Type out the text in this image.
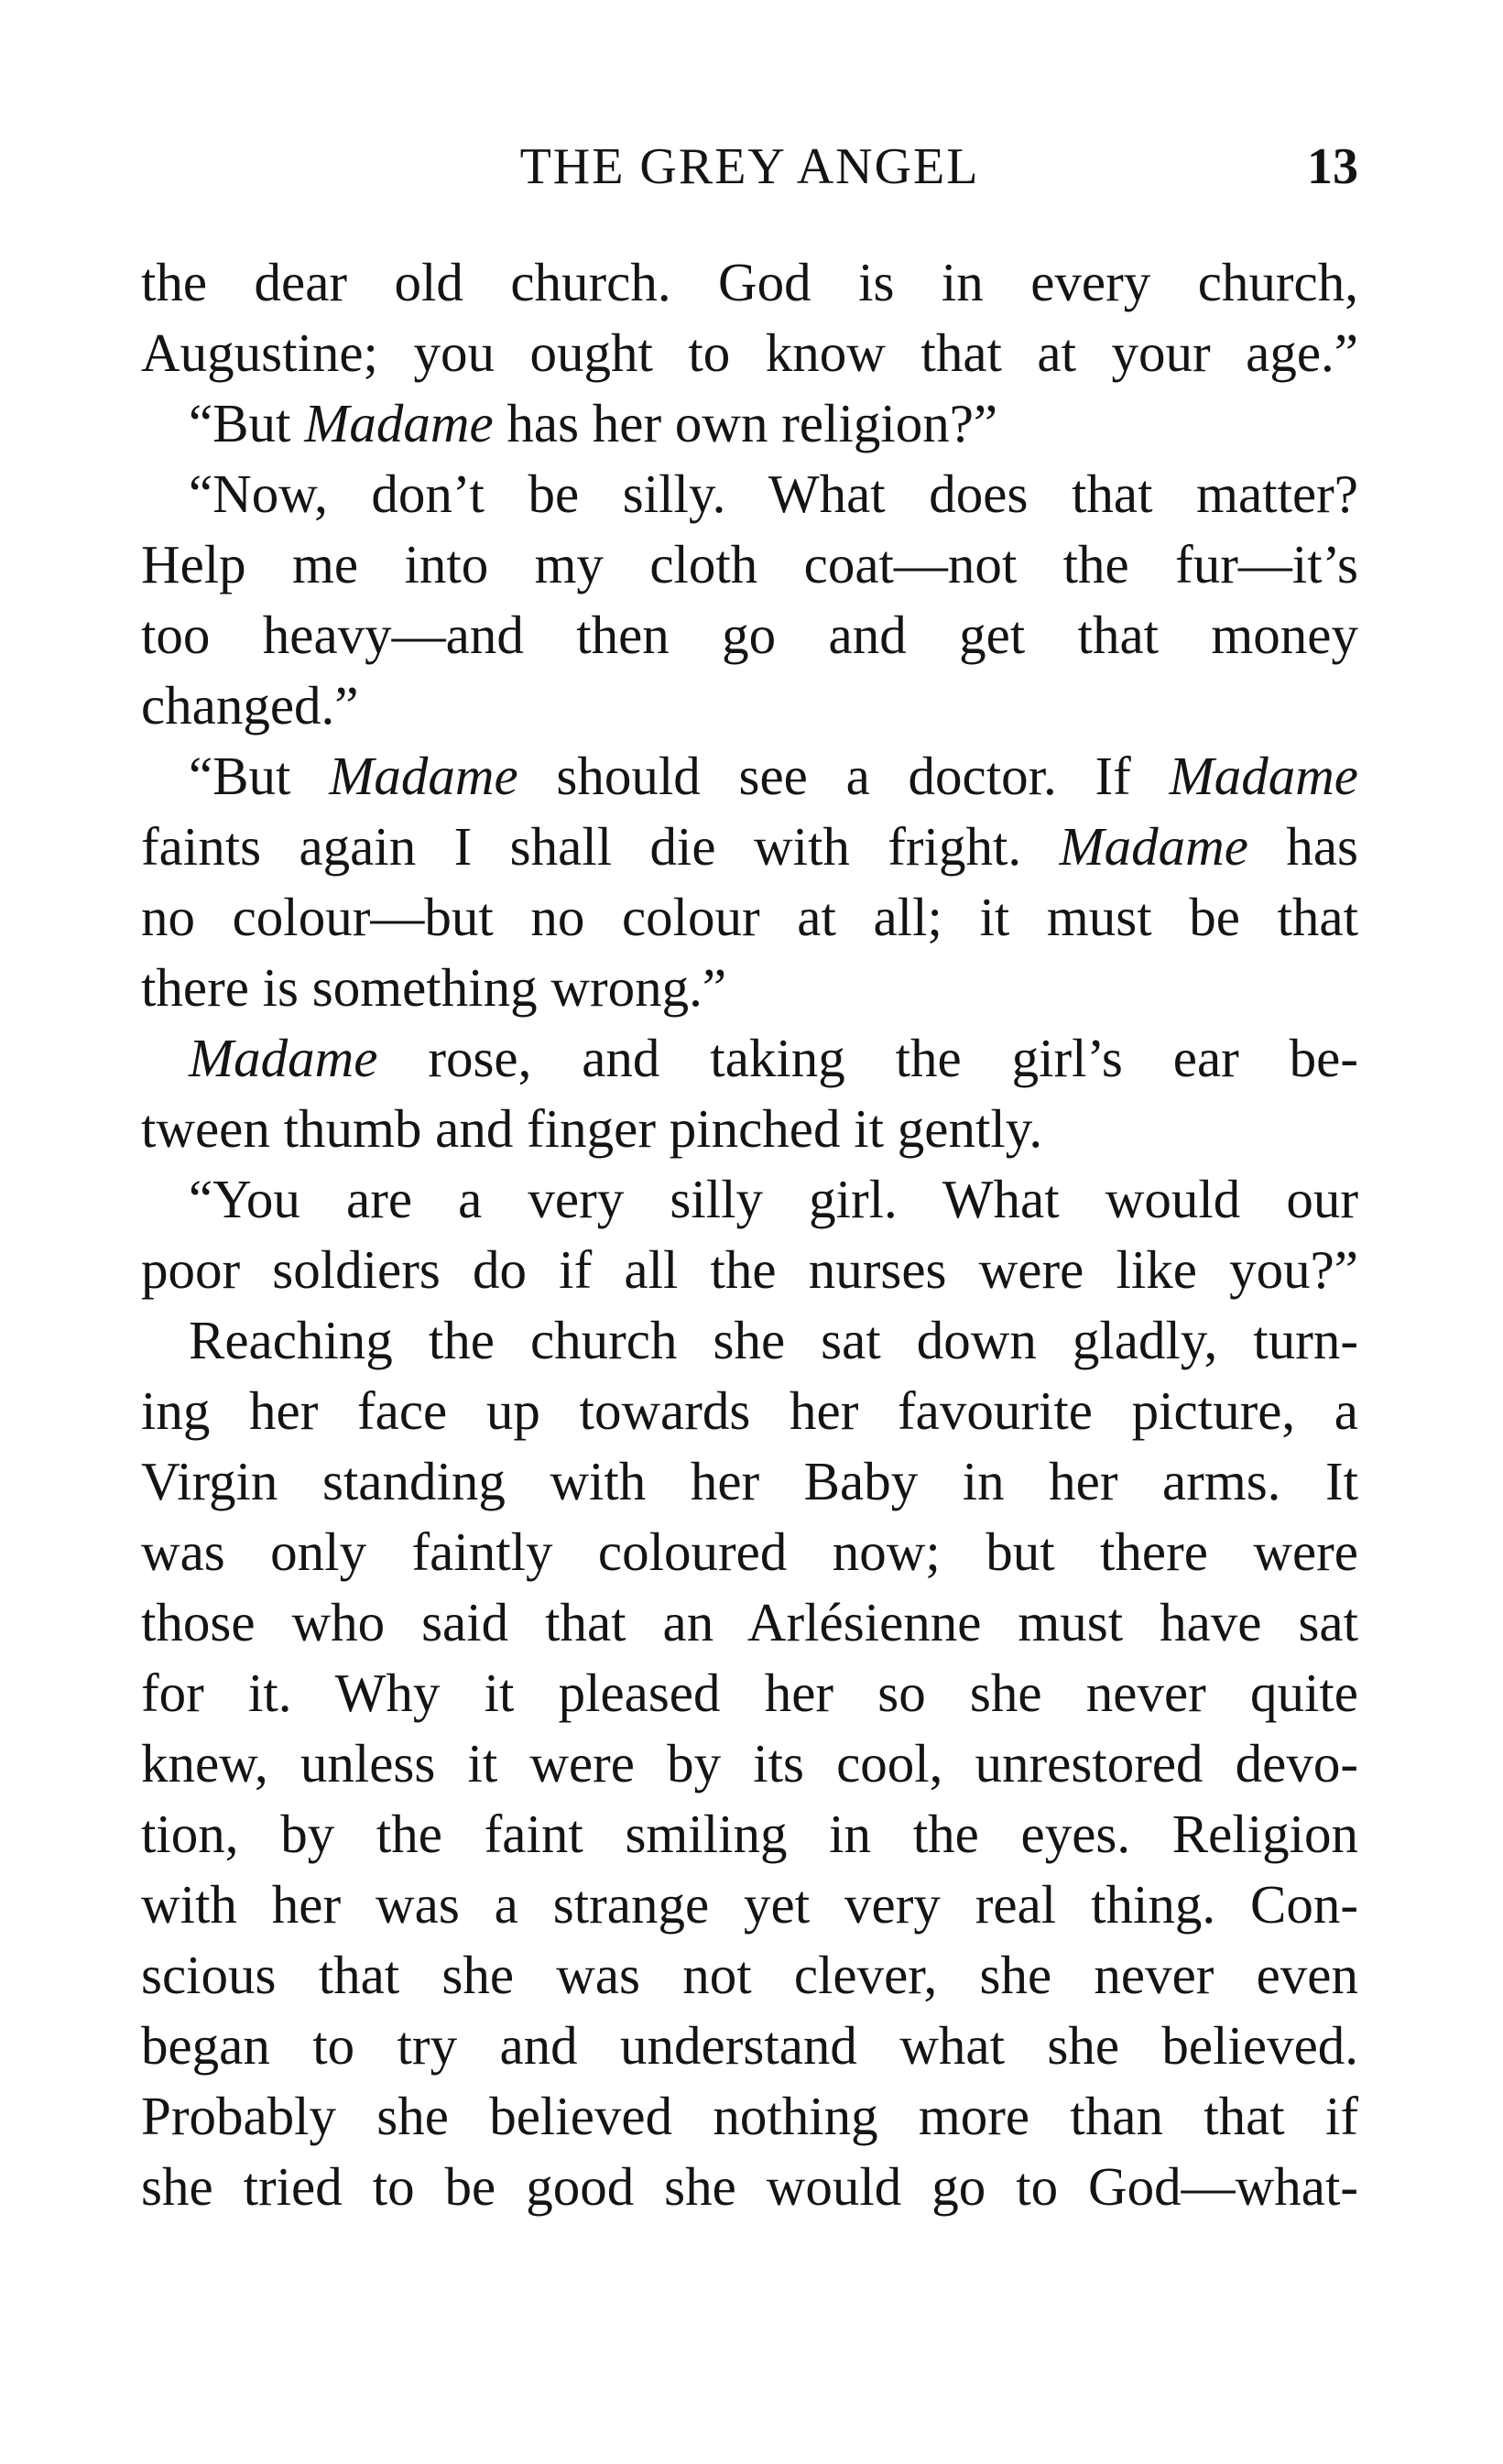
THE GREY ANGEL	13
the dear old church. God is in every church,
Augustine; you ought to know that at your age.”
“But Madame has her own religion?”
“Now, don’t be silly. What does that matter?
Help me into my cloth coat—not the fur—it’s
too heavy—and then go and get that money
changed.”
“But Madame should see a doctor. If Madame
faints again I shall die with fright. Madame has
no colour—but no colour at all; it must be that
there is something wrong.”
Madame rose, and taking the girl’s ear be-
tween thumb and finger pinched it gently.
“You are a very silly girl. What would our
poor soldiers do if all the nurses were like you?”
Reaching the church she sat down gladly, turn-
ing her face up towards her favourite picture, a
Virgin standing with her Baby in her arms. It
was only faintly coloured now; but there were
those who said that an Arlésienne must have sat
for it. Why it pleased her so she never quite
knew, unless it were by its cool, unrestored devo-
tion, by the faint smiling in the eyes. Religion
with her was a strange yet very real thing. Con-
scious that she was not clever, she never even
began to try and understand what she believed.
Probably she believed nothing more than that if
she tried to be good she would go to God—what-
